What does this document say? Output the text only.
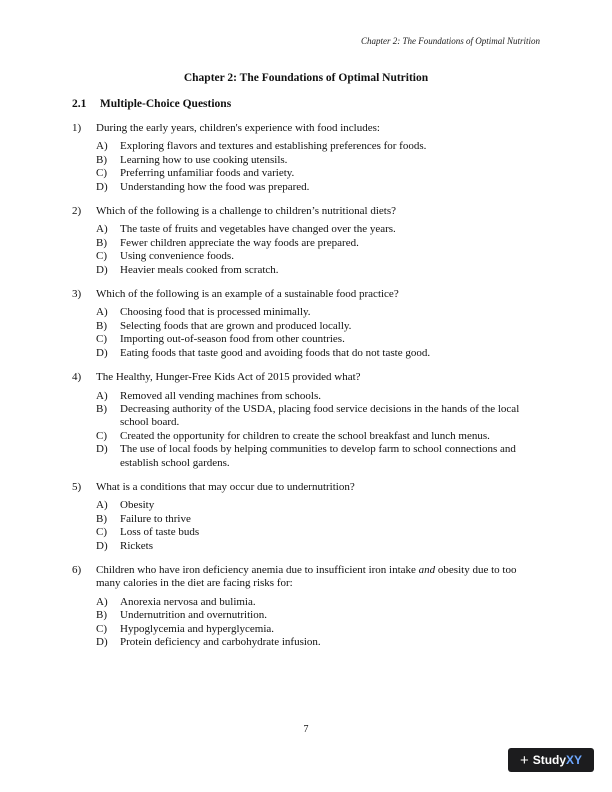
Chapter 2: The Foundations of Optimal Nutrition
Chapter 2: The Foundations of Optimal Nutrition
2.1 Multiple-Choice Questions
1)	During the early years, children's experience with food includes:
A)	Exploring flavors and textures and establishing preferences for foods.
B)	Learning how to use cooking utensils.
C)	Preferring unfamiliar foods and variety.
D)	Understanding how the food was prepared.
2)	Which of the following is a challenge to children’s nutritional diets?
A)	The taste of fruits and vegetables have changed over the years.
B)	Fewer children appreciate the way foods are prepared.
C)	Using convenience foods.
D)	Heavier meals cooked from scratch.
3)	Which of the following is an example of a sustainable food practice?
A)	Choosing food that is processed minimally.
B)	Selecting foods that are grown and produced locally.
C)	Importing out-of-season food from other countries.
D)	Eating foods that taste good and avoiding foods that do not taste good.
4)	The Healthy, Hunger-Free Kids Act of 2015 provided what?
A)	Removed all vending machines from schools.
B)	Decreasing authority of the USDA, placing food service decisions in the hands of the local school board.
C)	Created the opportunity for children to create the school breakfast and lunch menus.
D)	The use of local foods by helping communities to develop farm to school connections and establish school gardens.
5)	What is a conditions that may occur due to undernutrition?
A)	Obesity
B)	Failure to thrive
C)	Loss of taste buds
D)	Rickets
6)	Children who have iron deficiency anemia due to insufficient iron intake and obesity due to too many calories in the diet are facing risks for:
A)	Anorexia nervosa and bulimia.
B)	Undernutrition and overnutrition.
C)	Hypoglycemia and hyperglycemia.
D)	Protein deficiency and carbohydrate infusion.
7
+ StudyXY
